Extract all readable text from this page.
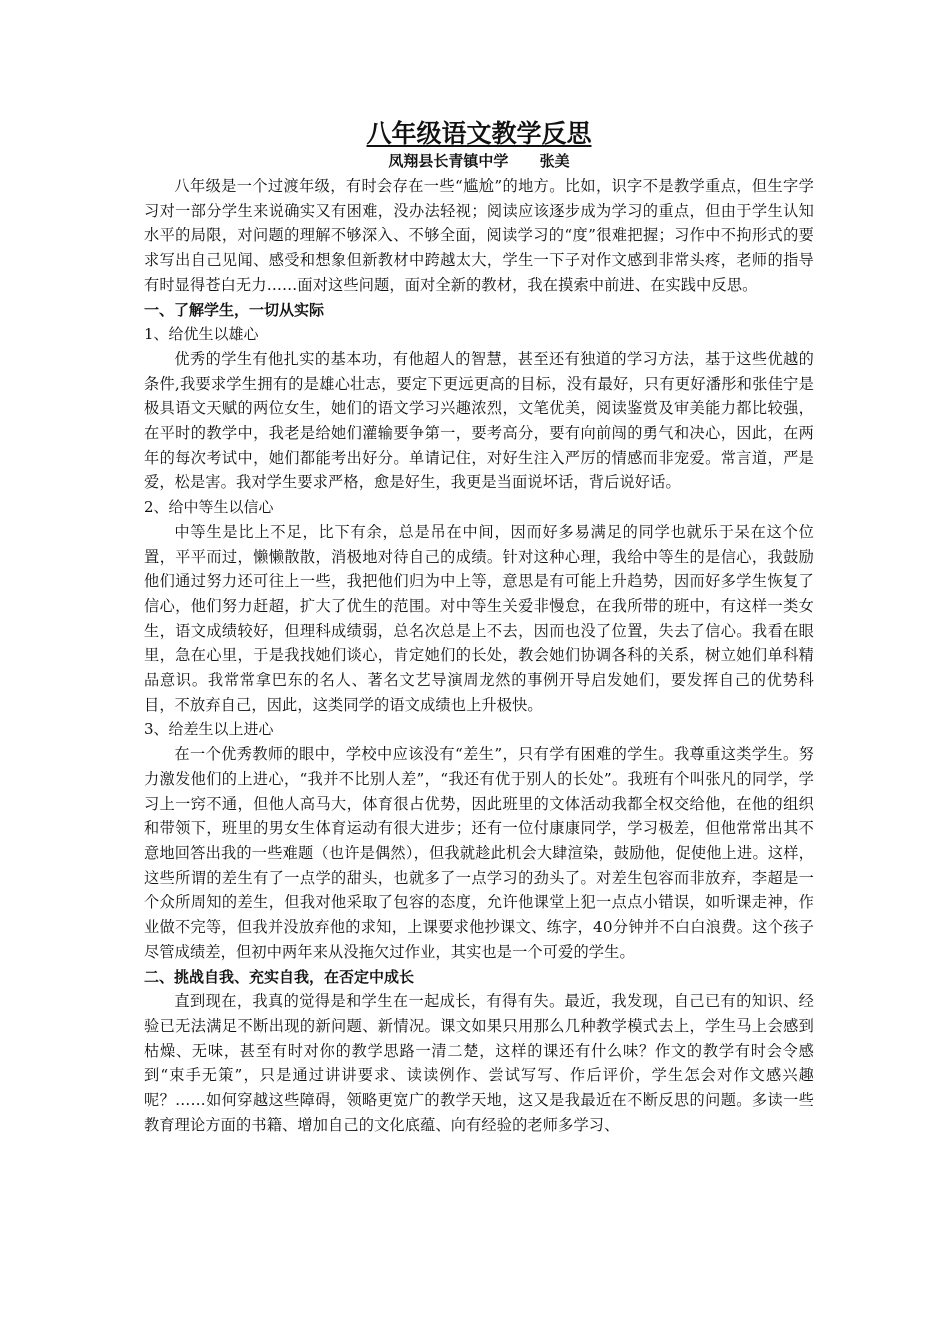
八年级语文教学反思
凤翔县长青镇中学      张美

八年级是一个过渡年级，有时会存在一些“尴尬”的地方。比如，识字不是教学重点，但生字学习对一部分学生来说确实又有困难，没办法轻视；阅读应该逐步成为学习的重点，但由于学生认知水平的局限，对问题的理解不够深入、不够全面，阅读学习的“度”很难把握；习作中不拘形式的要求写出自己见闻、感受和想象但新教材中跨越太大，学生一下子对作文感到非常头疼，老师的指导有时显得苍白无力……面对这些问题，面对全新的教材，我在摸索中前进、在实践中反思。

一、了解学生，一切从实际
1、给优生以雄心

优秀的学生有他扎实的基本功，有他超人的智慧，甚至还有独道的学习方法，基于这些优越的条件,我要求学生拥有的是雄心壮志，要定下更远更高的目标，没有最好，只有更好潘彤和张佳宁是极具语文天赋的两位女生，她们的语文学习兴趣浓烈，文笔优美，阅读鉴赏及审美能力都比较强，在平时的教学中，我老是给她们灌输要争第一，要考高分，要有向前闯的勇气和决心，因此，在两年的每次考试中，她们都能考出好分。单请记住，对好生注入严厉的情感而非宠爱。常言道，严是爱，松是害。我对学生要求严格，愈是好生，我更是当面说坏话，背后说好话。

2、给中等生以信心

中等生是比上不足，比下有余，总是吊在中间，因而好多易满足的同学也就乐于呆在这个位置，平平而过，懒懒散散，消极地对待自己的成绩。针对这种心理，我给中等生的是信心，我鼓励他们通过努力还可往上一些，我把他们归为中上等，意思是有可能上升趋势，因而好多学生恢复了信心，他们努力赶超，扩大了优生的范围。对中等生关爱非慢怠，在我所带的班中，有这样一类女生，语文成绩较好，但理科成绩弱，总名次总是上不去，因而也没了位置，失去了信心。我看在眼里，急在心里，于是我找她们谈心，肯定她们的长处，教会她们协调各科的关系，树立她们单科精品意识。我常常拿巴东的名人、著名文艺导演周龙然的事例开导启发她们，要发挥自己的优势科目，不放弃自己，因此，这类同学的语文成绩也上升极快。

3、给差生以上进心

在一个优秀教师的眼中，学校中应该没有“差生”，只有学有困难的学生。我尊重这类学生。努力激发他们的上进心，“我并不比别人差”，“我还有优于别人的长处”。我班有个叫张凡的同学，学习上一窍不通，但他人高马大，体育很占优势，因此班里的文体活动我都全权交给他，在他的组织和带领下，班里的男女生体育运动有很大进步；还有一位付康康同学，学习极差，但他常常出其不意地回答出我的一些难题（也许是偶然），但我就趁此机会大肆渲染，鼓励他，促使他上进。这样，这些所谓的差生有了一点学的甜头，也就多了一点学习的劲头了。对差生包容而非放弃，李超是一个众所周知的差生，但我对他采取了包容的态度，允许他课堂上犯一点点小错误，如听课走神，作业做不完等，但我并没放弃他的求知，上课要求他抄课文、练字，40分钟并不白白浪费。这个孩子尽管成绩差，但初中两年来从没拖欠过作业，其实也是一个可爱的学生。

二、挑战自我、充实自我，在否定中成长

直到现在，我真的觉得是和学生在一起成长，有得有失。最近，我发现，自己已有的知识、经验已无法满足不断出现的新问题、新情况。课文如果只用那么几种教学模式去上，学生马上会感到枯燥、无味，甚至有时对你的教学思路一清二楚，这样的课还有什么味？作文的教学有时会令感到“束手无策”，只是通过讲讲要求、读读例作、尝试写写、作后评价，学生怎会对作文感兴趣呢？……如何穿越这些障碍，领略更宽广的教学天地，这又是我最近在不断反思的问题。多读一些教育理论方面的书籍、增加自己的文化底蕴、向有经验的老师多学习、
